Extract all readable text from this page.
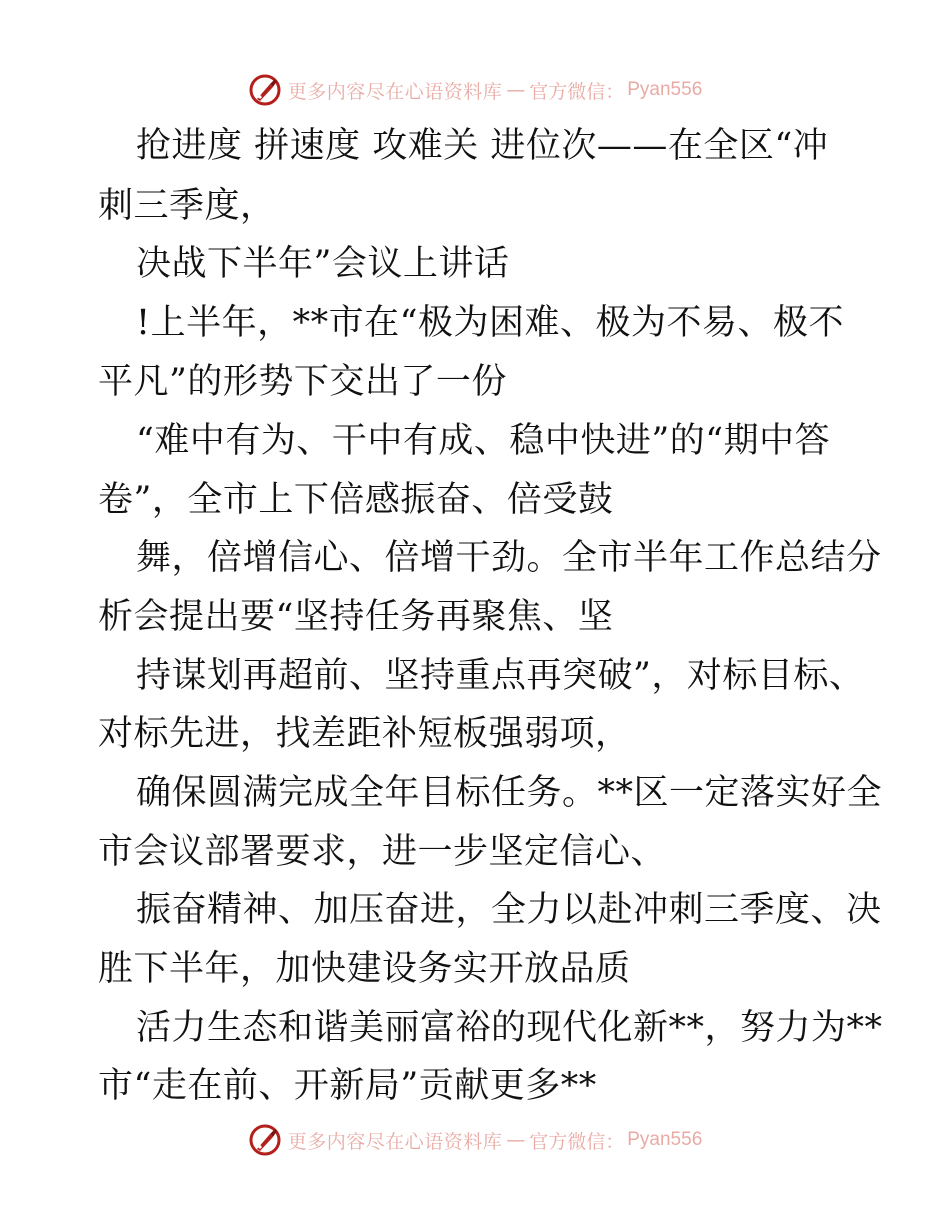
更多内容尽在心语资料库 — 官方微信： Pyan556
抢进度 拼速度 攻难关 进位次——在全区“冲
刺三季度，
决战下半年”会议上讲话
!上半年，**市在“极为困难、极为不易、极不
平凡”的形势下交出了一份
“难中有为、干中有成、稳中快进”的“期中答
卷”，全市上下倍感振奋、倍受鼓
舞，倍增信心、倍增干劲。全市半年工作总结分
析会提出要“坚持任务再聚焦、坚
持谋划再超前、坚持重点再突破”，对标目标、
对标先进，找差距补短板强弱项，
确保圆满完成全年目标任务。**区一定落实好全
市会议部署要求，进一步坚定信心、
振奋精神、加压奋进，全力以赴冲刺三季度、决
胜下半年，加快建设务实开放品质
活力生态和谐美丽富裕的现代化新**，努力为**
市“走在前、开新局”贡献更多**
更多内容尽在心语资料库 — 官方微信： Pyan556
